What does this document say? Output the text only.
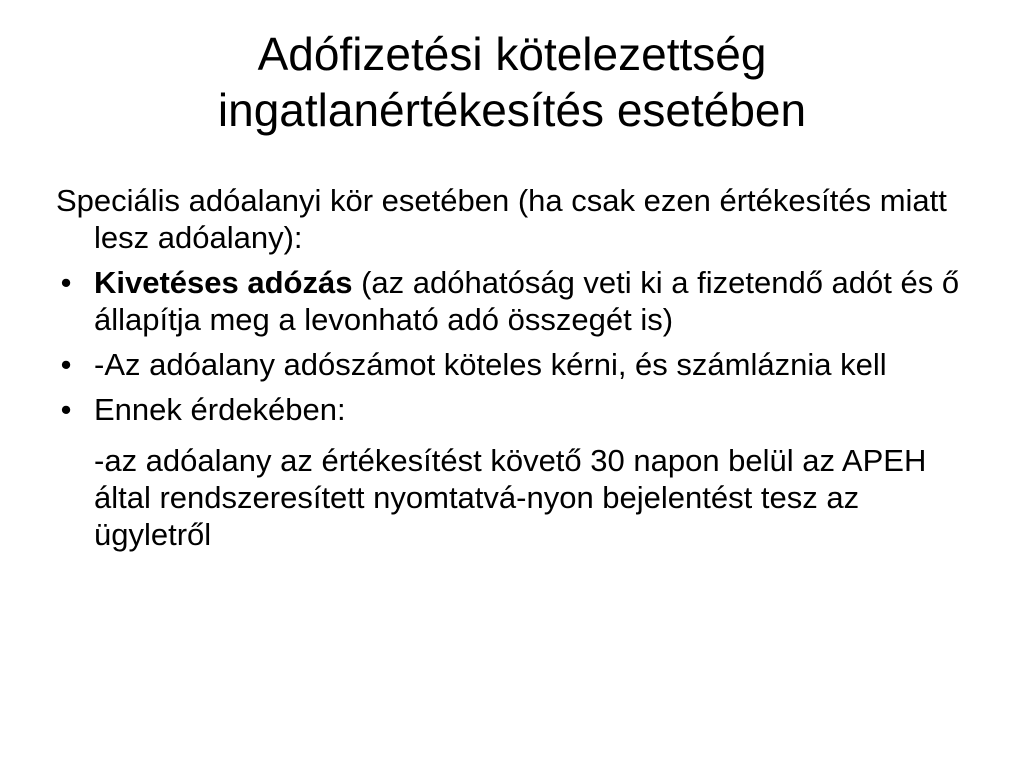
Adófizetési kötelezettség
ingatlanértékesítés esetében

Speciális adóalanyi kör esetében (ha csak ezen értékesítés miatt lesz adóalany):

• Kivetéses adózás (az adóhatóság veti ki a fizetendő adót és ő állapítja meg a levonható adó összegét is)
• -Az adóalany adószámot köteles kérni, és számláznia kell
• Ennek érdekében:
-az adóalany az értékesítést követő 30 napon belül az APEH által rendszeresített nyomtatvá-nyon bejelentést tesz az ügyletről
